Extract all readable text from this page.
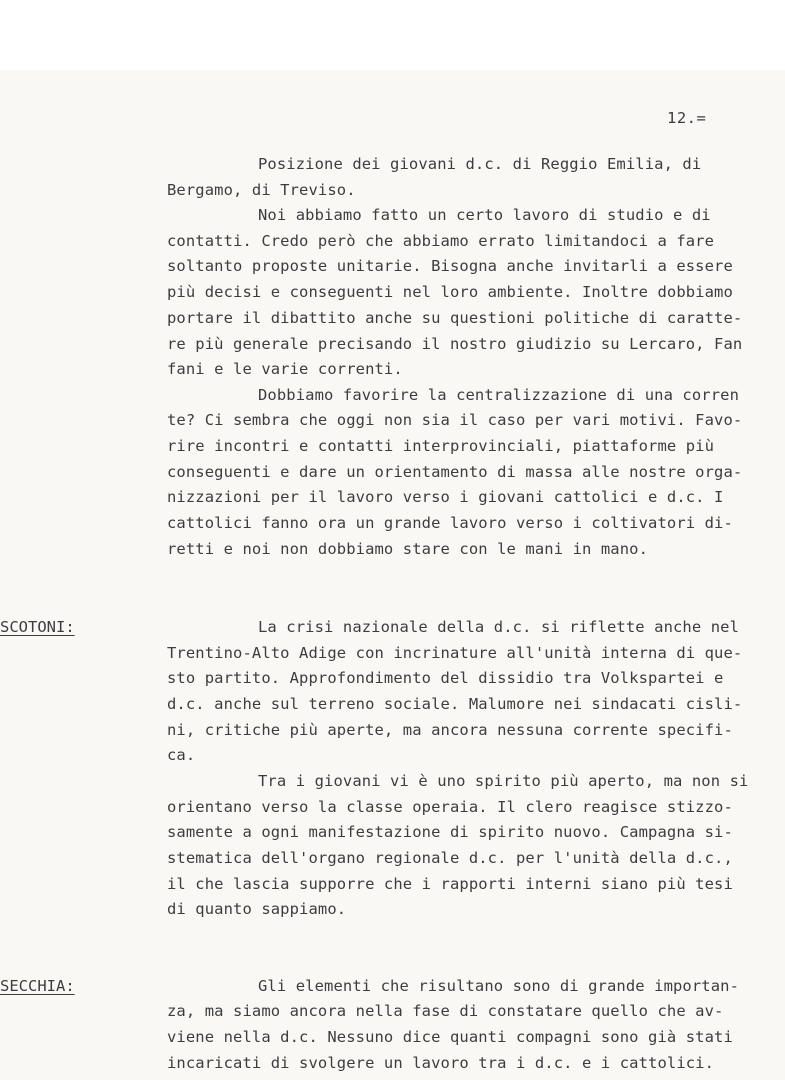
12.=
Posizione dei giovani d.c. di Reggio Emilia, di
Bergamo, di Treviso.
Noi abbiamo fatto un certo lavoro di studio e di
contatti. Credo però che abbiamo errato limitandoci a fare
soltanto proposte unitarie. Bisogna anche invitarli a essere
più decisi e conseguenti nel loro ambiente. Inoltre dobbiamo
portare il dibattito anche su questioni politiche di caratte-
re più generale precisando il nostro giudizio su Lercaro, Fan
fani e le varie correnti.
Dobbiamo favorire la centralizzazione di una corren
te? Ci sembra che oggi non sia il caso per vari motivi. Favo-
rire incontri e contatti interprovinciali, piattaforme più
conseguenti e dare un orientamento di massa alle nostre orga-
nizzazioni per il lavoro verso i giovani cattolici e d.c. I
cattolici fanno ora un grande lavoro verso i coltivatori di-
retti e noi non dobbiamo stare con le mani in mano.
SCOTONI:	La crisi nazionale della d.c. si riflette anche nel
Trentino-Alto Adige con incrinature all'unità interna di que-
sto partito. Approfondimento del dissidio tra Volkspartei e
d.c. anche sul terreno sociale. Malumore nei sindacati cisli-
ni, critiche più aperte, ma ancora nessuna corrente specifi-
ca.
Tra i giovani vi è uno spirito più aperto, ma non si
orientano verso la classe operaia. Il clero reagisce stizzo-
samente a ogni manifestazione di spirito nuovo. Campagna si-
stematica dell'organo regionale d.c. per l'unità della d.c.,
il che lascia supporre che i rapporti interni siano più tesi
di quanto sappiamo.
SECCHIA:	Gli elementi che risultano sono di grande importan-
za, ma siamo ancora nella fase di constatare quello che av-
viene nella d.c. Nessuno dice quanti compagni sono già stati
incaricati di svolgere un lavoro tra i d.c. e i cattolici.
